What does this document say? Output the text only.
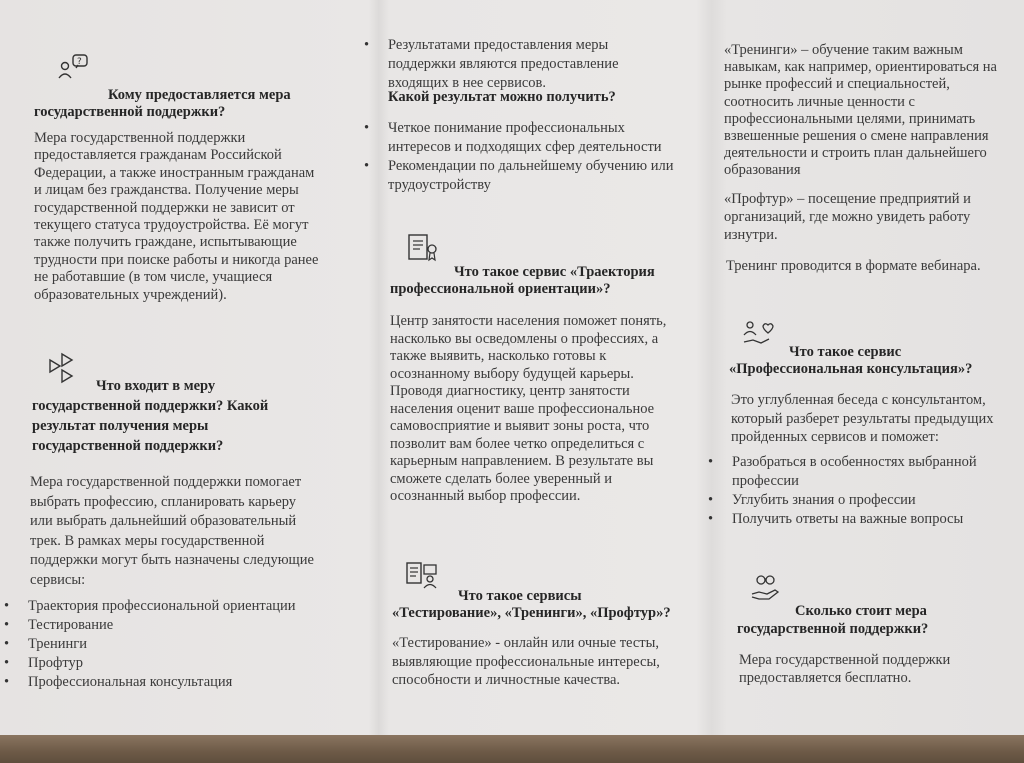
?
Кому предоставляется мера
государственной поддержки?

Мера государственной поддержки

предоставляется гражданам Российской

Федерации, а также иностранным гражданам

и лицам без гражданства. Получение меры

государственной поддержки не зависит от

текущего статуса трудоустройства. Её могут

также получить граждане, испытывающие

трудности при поиске работы и никогда ранее

не работавшие (в том числе, учащиеся

образовательных учреждений).

Что входит в меру
государственной поддержки? Какой
результат получения меры
государственной поддержки?

Мера государственной поддержки помогает

выбрать профессию, спланировать карьеру

или выбрать дальнейший образовательный

трек. В рамках меры государственной

поддержки могут быть назначены следующие

сервисы:

• Траектория профессиональной ориентации
• Тестирование
• Тренинги
• Профтур
• Профессиональная консультация
• Результатами предоставления меры
поддержки являются предоставление
входящих в нее сервисов.
Какой результат можно получить?
• Четкое понимание профессиональных
интересов и подходящих сфер деятельности
• Рекомендации по дальнейшему обучению или
трудоустройству
Что такое сервис «Траектория
профессиональной ориентации»?

Центр занятости населения поможет понять,

насколько вы осведомлены о профессиях, а

также выявить, насколько готовы к

осознанному выбору будущей карьеры.

Проводя диагностику, центр занятости

населения оценит ваше профессиональное

самовосприятие и выявит зоны роста, что

позволит вам более четко определиться с

карьерным направлением. В результате вы

сможете сделать более уверенный и

осознанный выбор профессии.

Что такое сервисы
«Тестирование», «Тренинги», «Профтур»?

«Тестирование» - онлайн или очные тесты,

выявляющие профессиональные интересы,

способности и личностные качества.

«Тренинги» – обучение таким важным

навыкам, как например, ориентироваться на

рынке профессий и специальностей,

соотносить личные ценности с

профессиональными целями, принимать

взвешенные решения о смене направления

деятельности и строить план дальнейшего

образования

«Профтур» – посещение предприятий и

организаций, где можно увидеть работу

изнутри.

Тренинг проводится в формате вебинара.
Что такое сервис
«Профессиональная консультация»?

Это углубленная беседа с консультантом,

который разберет результаты предыдущих

пройденных сервисов и поможет:

• Разобраться в особенностях выбранной
профессии
• Углубить знания о профессии
• Получить ответы на важные вопросы
Сколько стоит мера
государственной поддержки?

Мера государственной поддержки

предоставляется бесплатно.
